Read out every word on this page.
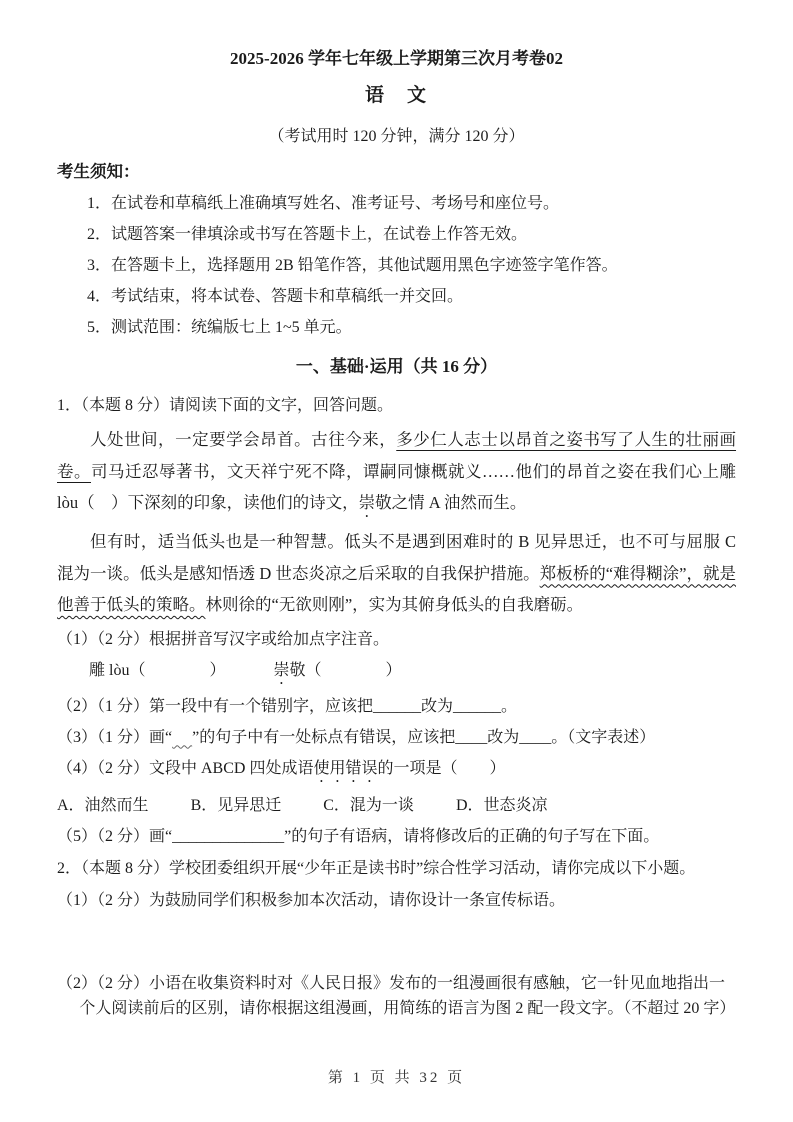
2025-2026 学年七年级上学期第三次月考卷02
语　文
（考试用时 120 分钟，满分 120 分）
考生须知：
1．在试卷和草稿纸上准确填写姓名、准考证号、考场号和座位号。
2．试题答案一律填涂或书写在答题卡上，在试卷上作答无效。
3．在答题卡上，选择题用 2B 铅笔作答，其他试题用黑色字迹签字笔作答。
4．考试结束，将本试卷、答题卡和草稿纸一并交回。
5．测试范围：统编版七上 1~5 单元。
一、基础·运用（共 16 分）
1．（本题 8 分）请阅读下面的文字，回答问题。

人处世间，一定要学会昂首。古往今来，多少仁人志士以昂首之姿书写了人生的壮丽画卷。司马迁忍辱著书，文天祥宁死不降，谭嗣同慷概就义……他们的昂首之姿在我们心上雕 lòu（　）下深刻的印象，读他们的诗文，崇敬之情 A 油然而生。

但有时，适当低头也是一种智慧。低头不是遇到困难时的 B 见异思迁，也不可与屈服 C 混为一谈。低头是感知悟透 D 世态炎凉之后采取的自我保护措施。郑板桥的“难得糊涂”，就是他善于低头的策略。林则徐的“无欲则刚”，实为其俯身低头的自我磨砺。

（1）（2 分）根据拼音写汉字或给加点字注音。
雕 lòu（　　　　）	崇敬（　　　　）
（2）（1 分）第一段中有一个错别字，应该把______改为______。
（3）（1 分）画“ ”的句子中有一处标点有错误，应该把____改为____。（文字表述）
（4）（2 分）文段中 ABCD 四处成语使用错误的一项是（　　）
A．油然而生	B．见异思迁	C．混为一谈	D．世态炎凉
（5）（2 分）画“______________”的句子有语病，请将修改后的正确的句子写在下面。
2．（本题 8 分）学校团委组织开展“少年正是读书时”综合性学习活动，请你完成以下小题。
（1）（2 分）为鼓励同学们积极参加本次活动，请你设计一条宣传标语。
（2）（2 分）小语在收集资料时对《人民日报》发布的一组漫画很有感触，它一针见血地指出一个人阅读前后的区别，请你根据这组漫画，用简练的语言为图 2 配一段文字。（不超过 20 字）
第 1 页 共 32 页
